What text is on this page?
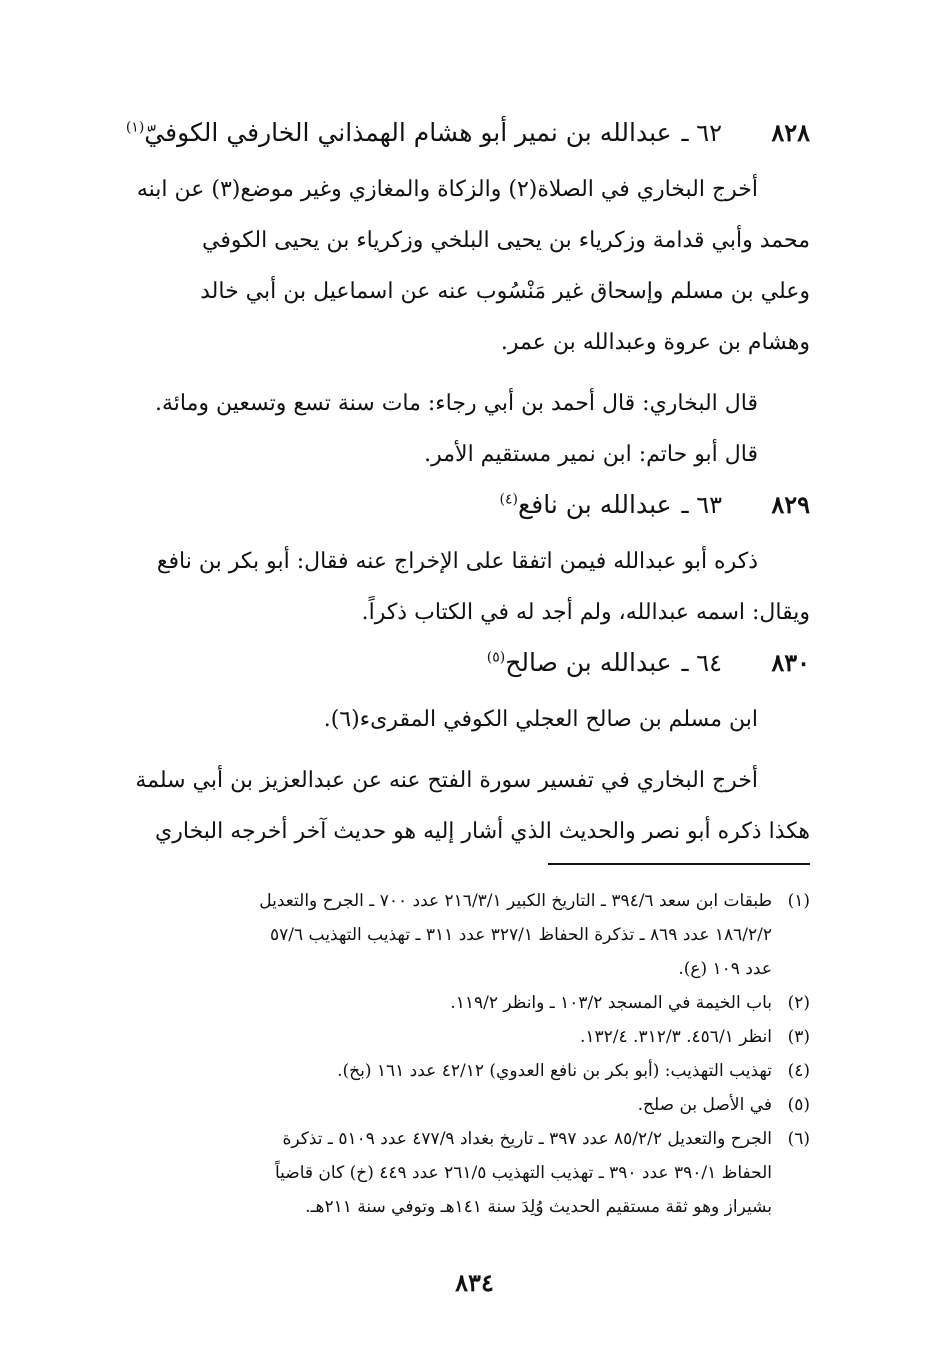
٨٢٨
٦٢ ـ
عبدالله بن نمير أبو هشام الهمذاني الخارفي الكوفيّ$^{(١)}$
أخرج البخاري في الصلاة(٢) والزكاة والمغازي وغير موضع(٣) عن ابنه
محمد وأبي قدامة وزكرياء بن يحيى البلخي وزكرياء بن يحيى الكوفي
وعلي بن مسلم وإسحاق غير مَنْسُوب عنه عن اسماعيل بن أبي خالد
وهشام بن عروة وعبدالله بن عمر.
قال البخاري: قال أحمد بن أبي رجاء: مات سنة تسع وتسعين ومائة.
قال أبو حاتم: ابن نمير مستقيم الأمر.
٨٢٩
٦٣ ـ
عبدالله بن نافع$^{(٤)}$
ذكره أبو عبدالله فيمن اتفقا على الإخراج عنه فقال: أبو بكر بن نافع
ويقال: اسمه عبدالله، ولم أجد له في الكتاب ذكراً.
٨٣٠
٦٤ ـ
عبدالله بن صالح$^{(٥)}$
ابن مسلم بن صالح العجلي الكوفي المقرىء(٦).
أخرج البخاري في تفسير سورة الفتح عنه عن عبدالعزيز بن أبي سلمة
هكذا ذكره أبو نصر والحديث الذي أشار إليه هو حديث آخر أخرجه البخاري
(١)
طبقات ابن سعد ٣٩٤/٦ ـ التاريخ الكبير ٢١٦/٣/١ عدد ٧٠٠ ـ الجرح والتعديل
١٨٦/٢/٢ عدد ٨٦٩ ـ تذكرة الحفاظ ٣٢٧/١ عدد ٣١١ ـ تهذيب التهذيب ٥٧/٦
عدد ١٠٩ (ع).
(٢)
باب الخيمة في المسجد ١٠٣/٢ ـ وانظر ١١٩/٢.
(٣)
انظر ٤٥٦/١. ٣١٢/٣. ١٣٢/٤.
(٤)
تهذيب التهذيب: (أبو بكر بن نافع العدوي) ٤٢/١٢ عدد ١٦١ (بخ).
(٥)
في الأصل بن صلح.
(٦)
الجرح والتعديل ٨٥/٢/٢ عدد ٣٩٧ ـ تاريخ بغداد ٤٧٧/٩ عدد ٥١٠٩ ـ تذكرة
الحفاظ ٣٩٠/١ عدد ٣٩٠ ـ تهذيب التهذيب ٢٦١/٥ عدد ٤٤٩ (خ) كان قاضياً
بشيراز وهو ثقة مستقيم الحديث وُلِدَ سنة ١٤١هـ وتوفي سنة ٢١١هـ.
٨٣٤
